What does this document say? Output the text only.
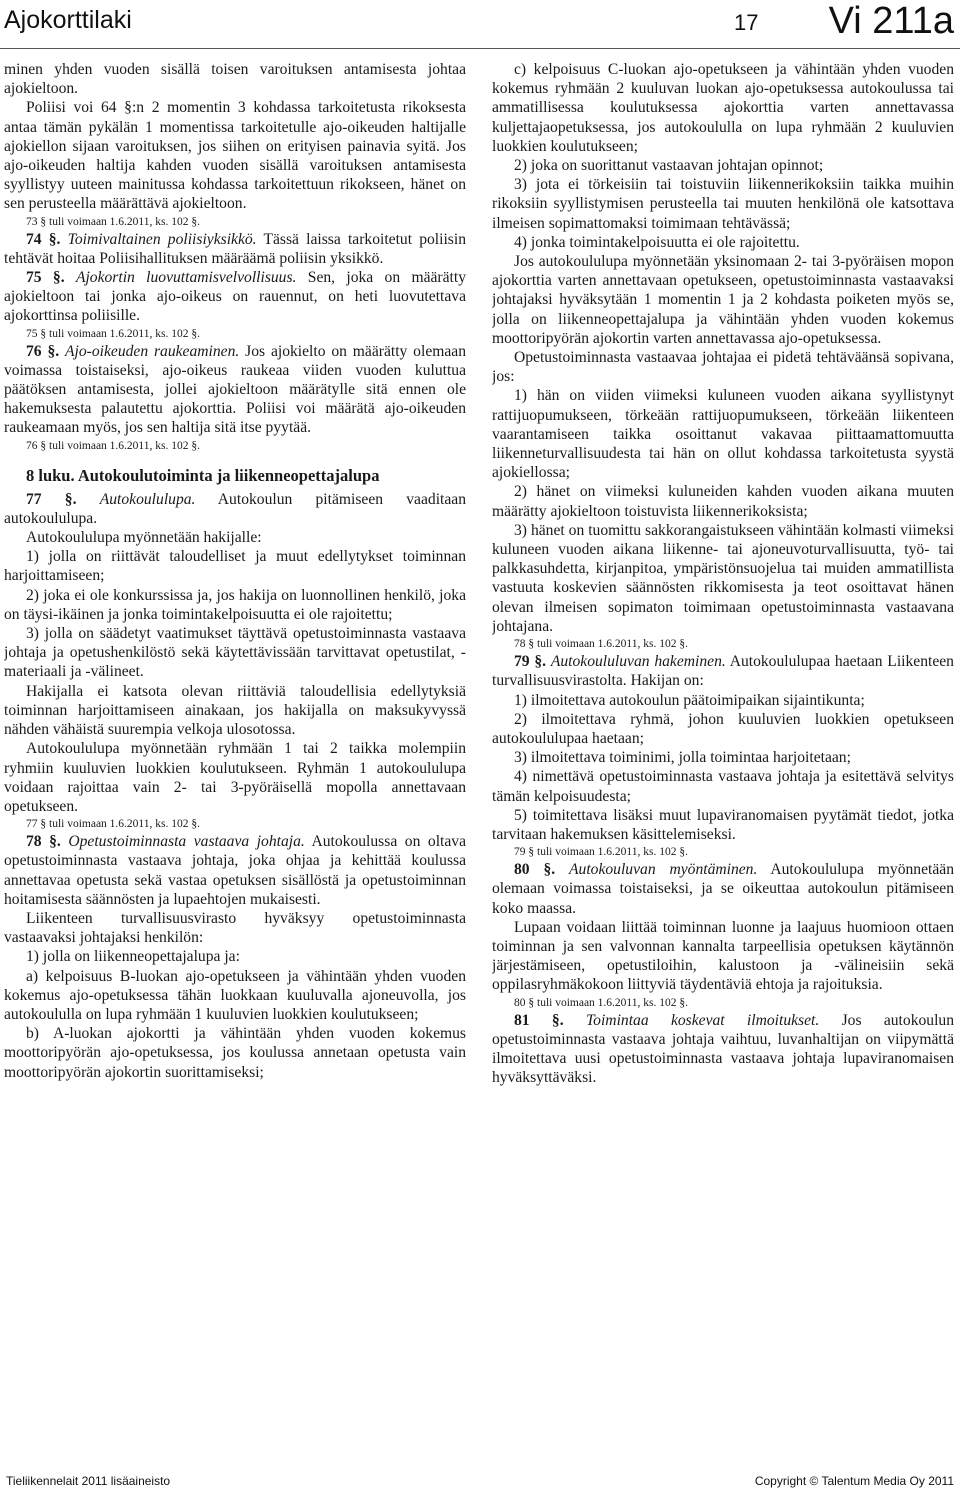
Ajokorttilaki	17 Vi 211a

minen yhden vuoden sisällä toisen varoituksen antamisesta johtaa ajokieltoon.

Poliisi voi 64 §:n 2 momentin 3 kohdassa tarkoitetusta rikoksesta antaa tämän pykälän 1 momentissa tarkoitetulle ajo-oikeuden haltijalle ajokiellon sijaan varoituksen, jos siihen on erityisen painavia syitä. Jos ajo-oikeuden haltija kahden vuoden sisällä varoituksen antamisesta syyllistyy uuteen mainitussa kohdassa tarkoitettuun rikokseen, hänet on sen perusteella määrättävä ajokieltoon.

73 § tuli voimaan 1.6.2011, ks. 102 §.

74 §. Toimivaltainen poliisiyksikkö. Tässä laissa tarkoitetut poliisin tehtävät hoitaa Poliisihallituksen määräämä poliisin yksikkö.

75 §. Ajokortin luovuttamisvelvollisuus. Sen, joka on määrätty ajokieltoon tai jonka ajo-oikeus on rauennut, on heti luovutettava ajokorttinsa poliisille.

75 § tuli voimaan 1.6.2011, ks. 102 §.

76 §. Ajo-oikeuden raukeaminen. Jos ajokielto on määrätty olemaan voimassa toistaiseksi, ajo-oikeus raukeaa viiden vuoden kuluttua päätöksen antamisesta, jollei ajokieltoon määrätylle sitä ennen ole hakemuksesta palautettu ajokorttia. Poliisi voi määrätä ajo-oikeuden raukeamaan myös, jos sen haltija sitä itse pyytää.

76 § tuli voimaan 1.6.2011, ks. 102 §.

8 luku. Autokoulutoiminta ja liikenneopettajalupa

77 §. Autokoululupa. Autokoulun pitämiseen vaaditaan autokoululupa.

Autokoululupa myönnetään hakijalle:

1) jolla on riittävät taloudelliset ja muut edellytykset toiminnan harjoittamiseen;

2) joka ei ole konkurssissa ja, jos hakija on luonnollinen henkilö, joka on täysi-ikäinen ja jonka toimintakelpoisuutta ei ole rajoitettu;

3) jolla on säädetyt vaatimukset täyttävä opetustoiminnasta vastaava johtaja ja opetushenkilöstö sekä käytettävissään tarvittavat opetustilat, -materiaali ja -välineet.

Hakijalla ei katsota olevan riittäviä taloudellisia edellytyksiä toiminnan harjoittamiseen ainakaan, jos hakijalla on maksukyvyssä nähden vähäistä suurempia velkoja ulosotossa.

Autokoululupa myönnetään ryhmään 1 tai 2 taikka molempiin ryhmiin kuuluvien luokkien koulutukseen. Ryhmän 1 autokoululupa voidaan rajoittaa vain 2- tai 3-pyöräisellä mopolla annettavaan opetukseen.

77 § tuli voimaan 1.6.2011, ks. 102 §.

78 §. Opetustoiminnasta vastaava johtaja. Autokoulussa on oltava opetustoiminnasta vastaava johtaja, joka ohjaa ja kehittää koulussa annettavaa opetusta sekä vastaa opetuksen sisällöstä ja opetustoiminnan hoitamisesta säännösten ja lupaehtojen mukaisesti.

Liikenteen turvallisuusvirasto hyväksyy opetustoiminnasta vastaavaksi johtajaksi henkilön:

1) jolla on liikenneopettajalupa ja:

a) kelpoisuus B-luokan ajo-opetukseen ja vähintään yhden vuoden kokemus ajo-opetuksessa tähän luokkaan kuuluvalla ajoneuvolla, jos autokoululla on lupa ryhmään 1 kuuluvien luokkien koulutukseen;

b) A-luokan ajokortti ja vähintään yhden vuoden kokemus moottoripyörän ajo-opetuksessa, jos koulussa annetaan opetusta vain moottoripyörän ajokortin suorittamiseksi;

c) kelpoisuus C-luokan ajo-opetukseen ja vähintään yhden vuoden kokemus ryhmään 2 kuuluvan luokan ajo-opetuksessa autokoulussa tai ammatillisessa koulutuksessa ajokorttia varten annettavassa kuljettajaopetuksessa, jos autokoululla on lupa ryhmään 2 kuuluvien luokkien koulutukseen;

2) joka on suorittanut vastaavan johtajan opinnot;

3) jota ei törkeisiin tai toistuviin liikennerikoksiin taikka muihin rikoksiin syyllistymisen perusteella tai muuten henkilönä ole katsottava ilmeisen sopimattomaksi toimimaan tehtävässä;

4) jonka toimintakelpoisuutta ei ole rajoitettu.

Jos autokoululupa myönnetään yksinomaan 2- tai 3-pyöräisen mopon ajokorttia varten annettavaan opetukseen, opetustoiminnasta vastaavaksi johtajaksi hyväksytään 1 momentin 1 ja 2 kohdasta poiketen myös se, jolla on liikenneopettajalupa ja vähintään yhden vuoden kokemus moottoripyörän ajokortin varten annettavassa ajo-opetuksessa.

Opetustoiminnasta vastaavaa johtajaa ei pidetä tehtäväänsä sopivana, jos:

1) hän on viiden viimeksi kuluneen vuoden aikana syyllistynyt rattijuopumukseen, törkeään rattijuopumukseen, törkeään liikenteen vaarantamiseen taikka osoittanut vakavaa piittaamattomuutta liikenneturvallisuudesta tai hän on ollut kohdassa tarkoitetusta syystä ajokiellossa;

2) hänet on viimeksi kuluneiden kahden vuoden aikana muuten määrätty ajokieltoon toistuvista liikennerikoksista;

3) hänet on tuomittu sakkorangaistukseen vähintään kolmasti viimeksi kuluneen vuoden aikana liikenne- tai ajoneuvoturvallisuutta, työ- tai palkkasuhdetta, kirjanpitoa, ympäristönsuojelua tai muiden ammatillista vastuuta koskevien säännösten rikkomisesta ja teot osoittavat hänen olevan ilmeisen sopimaton toimimaan opetustoiminnasta vastaavana johtajana.

78 § tuli voimaan 1.6.2011, ks. 102 §.

79 §. Autokoululuvan hakeminen. Autokoululupaa haetaan Liikenteen turvallisuusvirastolta. Hakijan on:

1) ilmoitettava autokoulun päätoimipaikan sijaintikunta;

2) ilmoitettava ryhmä, johon kuuluvien luokkien opetukseen autokoululupaa haetaan;

3) ilmoitettava toiminimi, jolla toimintaa harjoitetaan;

4) nimettävä opetustoiminnasta vastaava johtaja ja esitettävä selvitys tämän kelpoisuudesta;

5) toimitettava lisäksi muut lupaviranomaisen pyytämät tiedot, jotka tarvitaan hakemuksen käsittelemiseksi.

79 § tuli voimaan 1.6.2011, ks. 102 §.

80 §. Autokouluvan myöntäminen. Autokoululupa myönnetään olemaan voimassa toistaiseksi, ja se oikeuttaa autokoulun pitämiseen koko maassa.

Lupaan voidaan liittää toiminnan luonne ja laajuus huomioon ottaen toiminnan ja sen valvonnan kannalta tarpeellisia opetuksen käytännön järjestämiseen, opetustiloihin, kalustoon ja -välineisiin sekä oppilasryhmäkokoon liittyviä täydentäviä ehtoja ja rajoituksia.

80 § tuli voimaan 1.6.2011, ks. 102 §.

81 §. Toimintaa koskevat ilmoitukset. Jos autokoulun opetustoiminnasta vastaava johtaja vaihtuu, luvanhaltijan on viipymättä ilmoitettava uusi opetustoiminnasta vastaava johtaja lupaviranomaisen hyväksyttäväksi.

Tieliikennelait 2011 lisäaineisto	Copyright © Talentum Media Oy 2011
